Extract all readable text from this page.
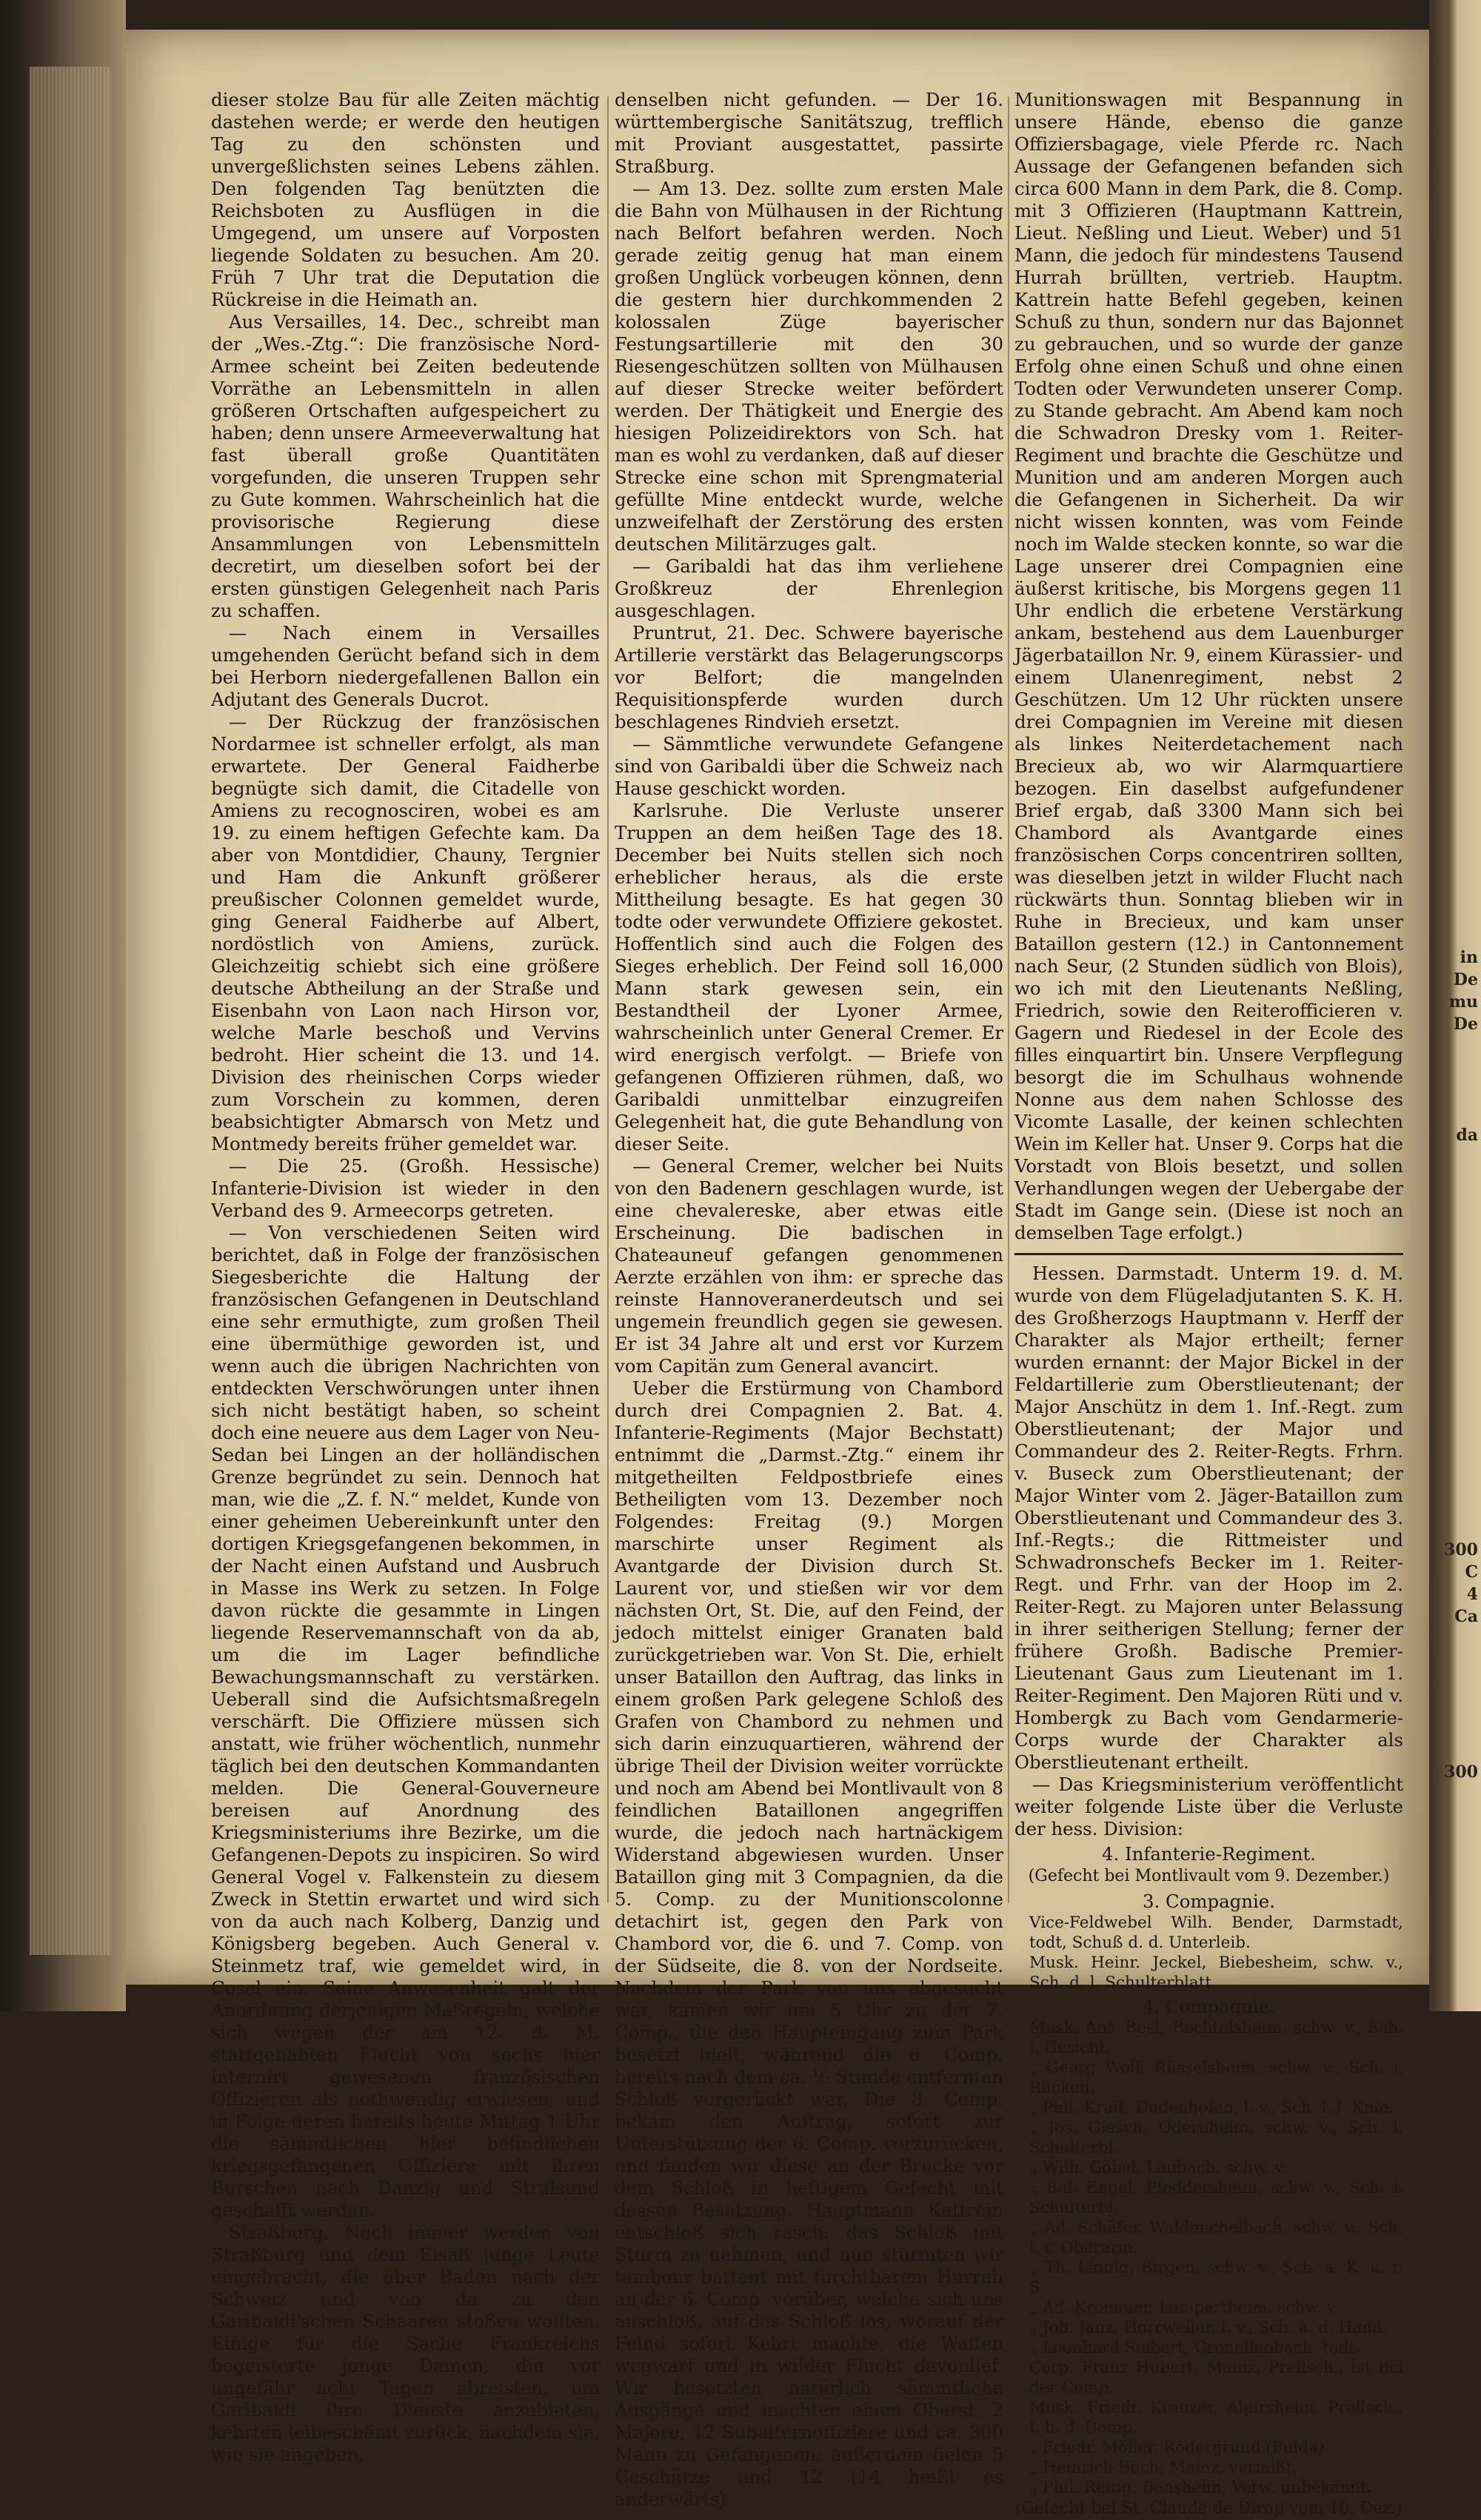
dieser stolze Bau für alle Zeiten mächtig dastehen werde; er werde den heutigen Tag zu den schönsten und unvergeßlichsten seines Lebens zählen. Den folgenden Tag benützten die Reichsboten zu Ausflügen in die Umgegend, um unsere auf Vorposten liegende Soldaten zu besuchen. Am 20. Früh 7 Uhr trat die Deputation die Rückreise in die Heimath an.

Aus Versailles, 14. Dec., schreibt man der „Wes.-Ztg.“: Die französische Nord-Armee scheint bei Zeiten bedeutende Vorräthe an Lebensmitteln in allen größeren Ortschaften aufgespeichert zu haben; denn unsere Armeeverwaltung hat fast überall große Quantitäten vorgefunden, die unseren Truppen sehr zu Gute kommen. Wahrscheinlich hat die provisorische Regierung diese Ansammlungen von Lebensmitteln decretirt, um dieselben sofort bei der ersten günstigen Gelegenheit nach Paris zu schaffen.

— Nach einem in Versailles umgehenden Gerücht befand sich in dem bei Herborn niedergefallenen Ballon ein Adjutant des Generals Ducrot.

— Der Rückzug der französischen Nordarmee ist schneller erfolgt, als man erwartete. Der General Faidherbe begnügte sich damit, die Citadelle von Amiens zu recognosciren, wobei es am 19. zu einem heftigen Gefechte kam. Da aber von Montdidier, Chauny, Tergnier und Ham die Ankunft größerer preußischer Colonnen gemeldet wurde, ging General Faidherbe auf Albert, nordöstlich von Amiens, zurück. Gleichzeitig schiebt sich eine größere deutsche Abtheilung an der Straße und Eisenbahn von Laon nach Hirson vor, welche Marle beschoß und Vervins bedroht. Hier scheint die 13. und 14. Division des rheinischen Corps wieder zum Vorschein zu kommen, deren beabsichtigter Abmarsch von Metz und Montmedy bereits früher gemeldet war.

— Die 25. (Großh. Hessische) Infanterie-Division ist wieder in den Verband des 9. Armeecorps getreten.

— Von verschiedenen Seiten wird berichtet, daß in Folge der französischen Siegesberichte die Haltung der französischen Gefangenen in Deutschland eine sehr ermuthigte, zum großen Theil eine übermüthige geworden ist, und wenn auch die übrigen Nachrichten von entdeckten Verschwörungen unter ihnen sich nicht bestätigt haben, so scheint doch eine neuere aus dem Lager von Neu-Sedan bei Lingen an der holländischen Grenze begründet zu sein. Dennoch hat man, wie die „Z. f. N.“ meldet, Kunde von einer geheimen Uebereinkunft unter den dortigen Kriegsgefangenen bekommen, in der Nacht einen Aufstand und Ausbruch in Masse ins Werk zu setzen. In Folge davon rückte die gesammte in Lingen liegende Reservemannschaft von da ab, um die im Lager befindliche Bewachungsmannschaft zu verstärken. Ueberall sind die Aufsichtsmaßregeln verschärft. Die Offiziere müssen sich anstatt, wie früher wöchentlich, nunmehr täglich bei den deutschen Kommandanten melden. Die General-Gouverneure bereisen auf Anordnung des Kriegsministeriums ihre Bezirke, um die Gefangenen-Depots zu inspiciren. So wird General Vogel v. Falkenstein zu diesem Zweck in Stettin erwartet und wird sich von da auch nach Kolberg, Danzig und Königsberg begeben. Auch General v. Steinmetz traf, wie gemeldet wird, in Cosel ein. Seine Anwesenheit galt der Anordnung derjenigen Maßregeln, welche sich wegen der am 12. d. M. stattgehabten Flucht von sechs hier internirt gewesenen französischen Offizieren als nothwendig erwiesen, und in Folge deren bereits heute Mittag 1 Uhr die sämmtlichen hier befindlichen kriegsgefangenen Offiziere mit ihren Burschen nach Danzig und Stralsund geschafft werden.

Straßburg. Noch immer werden von Straßburg und dem Elsaß junge Leute eingebracht, die über Baden nach der Schweiz und von da zu den Garibaldi'schen Schaaren stoßen wollten. Einige für die Sache Frankreichs begeisterte junge Damen, die vor ungefähr acht Tagen abreisten, um Garibaldi ihre Dienste anzubieten, kehrten leibeschämt zurück, nachdem sie, wie sie angeben,

denselben nicht gefunden. — Der 16. württembergische Sanitätszug, trefflich mit Proviant ausgestattet, passirte Straßburg.

— Am 13. Dez. sollte zum ersten Male die Bahn von Mülhausen in der Richtung nach Belfort befahren werden. Noch gerade zeitig genug hat man einem großen Unglück vorbeugen können, denn die gestern hier durchkommenden 2 kolossalen Züge bayerischer Festungsartillerie mit den 30 Riesengeschützen sollten von Mülhausen auf dieser Strecke weiter befördert werden. Der Thätigkeit und Energie des hiesigen Polizeidirektors von Sch. hat man es wohl zu verdanken, daß auf dieser Strecke eine schon mit Sprengmaterial gefüllte Mine entdeckt wurde, welche unzweifelhaft der Zerstörung des ersten deutschen Militärzuges galt.

— Garibaldi hat das ihm verliehene Großkreuz der Ehrenlegion ausgeschlagen.

Pruntrut, 21. Dec. Schwere bayerische Artillerie verstärkt das Belagerungscorps vor Belfort; die mangelnden Requisitionspferde wurden durch beschlagenes Rindvieh ersetzt.

— Sämmtliche verwundete Gefangene sind von Garibaldi über die Schweiz nach Hause geschickt worden.

Karlsruhe. Die Verluste unserer Truppen an dem heißen Tage des 18. December bei Nuits stellen sich noch erheblicher heraus, als die erste Mittheilung besagte. Es hat gegen 30 todte oder verwundete Offiziere gekostet. Hoffentlich sind auch die Folgen des Sieges erheblich. Der Feind soll 16,000 Mann stark gewesen sein, ein Bestandtheil der Lyoner Armee, wahrscheinlich unter General Cremer. Er wird energisch verfolgt. — Briefe von gefangenen Offizieren rühmen, daß, wo Garibaldi unmittelbar einzugreifen Gelegenheit hat, die gute Behandlung von dieser Seite.

— General Cremer, welcher bei Nuits von den Badenern geschlagen wurde, ist eine chevalereske, aber etwas eitle Erscheinung. Die badischen in Chateauneuf gefangen genommenen Aerzte erzählen von ihm: er spreche das reinste Hannoveranerdeutsch und sei ungemein freundlich gegen sie gewesen. Er ist 34 Jahre alt und erst vor Kurzem vom Capitän zum General avancirt.

Ueber die Erstürmung von Chambord durch drei Compagnien 2. Bat. 4. Infanterie-Regiments (Major Bechstatt) entnimmt die „Darmst.-Ztg.“ einem ihr mitgetheilten Feldpostbriefe eines Betheiligten vom 13. Dezember noch Folgendes: Freitag (9.) Morgen marschirte unser Regiment als Avantgarde der Division durch St. Laurent vor, und stießen wir vor dem nächsten Ort, St. Die, auf den Feind, der jedoch mittelst einiger Granaten bald zurückgetrieben war. Von St. Die, erhielt unser Bataillon den Auftrag, das links in einem großen Park gelegene Schloß des Grafen von Chambord zu nehmen und sich darin einzuquartieren, während der übrige Theil der Division weiter vorrückte und noch am Abend bei Montlivault von 8 feindlichen Bataillonen angegriffen wurde, die jedoch nach hartnäckigem Widerstand abgewiesen wurden. Unser Bataillon ging mit 3 Compagnien, da die 5. Comp. zu der Munitionscolonne detachirt ist, gegen den Park von Chambord vor, die 6. und 7. Comp. von der Südseite, die 8. von der Nordseite. Nachdem der Park von uns abgesucht war, kamen wir um 5 Uhr zu der 7. Comp., die den Haupteingang zum Park besetzt hielt, während die 6. Comp. bereits nach dem ca. ½ Stunde entfernten Schloß vorgerückt war. Die 8. Comp. bekam den Auftrag, sofort zur Unterstützung der 6. Comp. vorzurücken, und fanden wir diese an der Brücke vor dem Schloß in heftigem Gefecht mit dessen Besatzung. Hauptmann Kattrein entschloß sich rasch: das Schloß mit Sturm zu nehmen, und nun stürmten wir tambour battant mit furchtbarem Hurrah an der 6. Comp. vorüber, welche sich uns anschloß, auf das Schloß los, worauf der Feind sofort Kehrt machte, die Waffen wegwarf und in wilder Flucht davonlief. Wir besetzten natürlich sämmtliche Ausgänge und machten einen Oberst, 2 Majore, 12 Subalternoffiziere und ca. 300 Mann zu Gefangenen; außerdem fielen 5 Geschütze und 12 (14 heißt es anderwärts)

Munitionswagen mit Bespannung in unsere Hände, ebenso die ganze Offiziersbagage, viele Pferde rc. Nach Aussage der Gefangenen befanden sich circa 600 Mann in dem Park, die 8. Comp. mit 3 Offizieren (Hauptmann Kattrein, Lieut. Neßling und Lieut. Weber) und 51 Mann, die jedoch für mindestens Tausend Hurrah brüllten, vertrieb. Hauptm. Kattrein hatte Befehl gegeben, keinen Schuß zu thun, sondern nur das Bajonnet zu gebrauchen, und so wurde der ganze Erfolg ohne einen Schuß und ohne einen Todten oder Verwundeten unserer Comp. zu Stande gebracht. Am Abend kam noch die Schwadron Dresky vom 1. Reiter-Regiment und brachte die Geschütze und Munition und am anderen Morgen auch die Gefangenen in Sicherheit. Da wir nicht wissen konnten, was vom Feinde noch im Walde stecken konnte, so war die Lage unserer drei Compagnien eine äußerst kritische, bis Morgens gegen 11 Uhr endlich die erbetene Verstärkung ankam, bestehend aus dem Lauenburger Jägerbataillon Nr. 9, einem Kürassier- und einem Ulanenregiment, nebst 2 Geschützen. Um 12 Uhr rückten unsere drei Compagnien im Vereine mit diesen als linkes Neiterdetachement nach Brecieux ab, wo wir Alarmquartiere bezogen. Ein daselbst aufgefundener Brief ergab, daß 3300 Mann sich bei Chambord als Avantgarde eines französischen Corps concentriren sollten, was dieselben jetzt in wilder Flucht nach rückwärts thun. Sonntag blieben wir in Ruhe in Brecieux, und kam unser Bataillon gestern (12.) in Cantonnement nach Seur, (2 Stunden südlich von Blois), wo ich mit den Lieutenants Neßling, Friedrich, sowie den Reiterofficieren v. Gagern und Riedesel in der Ecole des filles einquartirt bin. Unsere Verpflegung besorgt die im Schulhaus wohnende Nonne aus dem nahen Schlosse des Vicomte Lasalle, der keinen schlechten Wein im Keller hat. Unser 9. Corps hat die Vorstadt von Blois besetzt, und sollen Verhandlungen wegen der Uebergabe der Stadt im Gange sein. (Diese ist noch an demselben Tage erfolgt.)

Hessen. Darmstadt. Unterm 19. d. M. wurde von dem Flügeladjutanten S. K. H. des Großherzogs Hauptmann v. Herff der Charakter als Major ertheilt; ferner wurden ernannt: der Major Bickel in der Feldartillerie zum Oberstlieutenant; der Major Anschütz in dem 1. Inf.-Regt. zum Oberstlieutenant; der Major und Commandeur des 2. Reiter-Regts. Frhrn. v. Buseck zum Oberstlieutenant; der Major Winter vom 2. Jäger-Bataillon zum Oberstlieutenant und Commandeur des 3. Inf.-Regts.; die Rittmeister und Schwadronschefs Becker im 1. Reiter-Regt. und Frhr. van der Hoop im 2. Reiter-Regt. zu Majoren unter Belassung in ihrer seitherigen Stellung; ferner der frühere Großh. Badische Premier-Lieutenant Gaus zum Lieutenant im 1. Reiter-Regiment. Den Majoren Rüti und v. Hombergk zu Bach vom Gendarmerie-Corps wurde der Charakter als Oberstlieutenant ertheilt.

— Das Kriegsministerium veröffentlicht weiter folgende Liste über die Verluste der hess. Division:

4. Infanterie-Regiment.

(Gefecht bei Montlivault vom 9. Dezember.)

3. Compagnie.

Vice-Feldwebel Wilh. Bender, Darmstadt, todt, Schuß d. d. Unterleib.

Musk. Heinr. Jeckel, Biebesheim, schw. v., Sch. d. l. Schulterblatt.

4. Compagnie.

Musk. Ant. Best, Bechtolsheim, schw. v., Sch. i. Gesicht.

„ Georg Wolf, Rüsselsheim, schw. v., Sch. i. Rücken.

„ Phil. Kraft, Dudenhofen, l. v., Sch. i. l. Knie.

„ Jos. Giesch, Odernheim, schw. v., Sch. i. Schulterbl.

„ Wilh. Göbel, Laubach, schw. v.

„ Bal. Engel, Pfeddersheim, schw. v., Sch. i. Schulterbl.

„ Ad. Schäfer, Waldmichelbach, schw. v., Sch. i. r. Oberarm.

„ Th. Linnig, Birgen, schw. v., Sch. a. K. u. r. S.

„ Ad. Kronauer, Lampertheim, schw. v.

„ Joh. Janz, Horrweiler, l. v., Sch. a. d. Hand.

„ Leonhard Seibert, Gronellenbach, todt.

Corp. Franz Hubert, Mainz, Prellsch., ist bei der Comp.

Musk. Friedr. Kreuzer, Alpirsheim, Prellsch., i. b. d. Comp.

„ Friedr. Möller, Rödergrund (Fulda).

„ Heinrich Büch, Mainz, vermißt.

„ Phil. Reitig, Bensheim, Verw. unbekannt.

(Gefecht bei St. Claude de Dirap vom 10. Dez.)

in
De
mu
De
da
300
C
4
Ca
300
